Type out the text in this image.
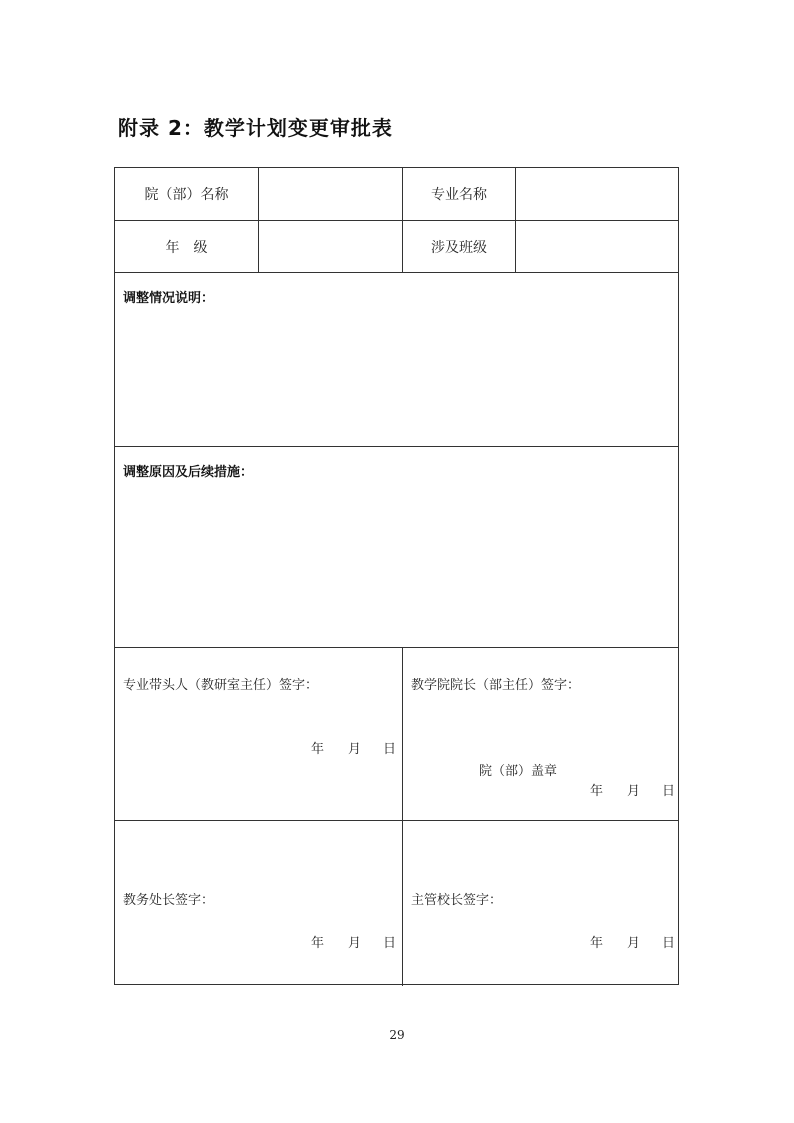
附录 2：教学计划变更审批表
院（部）名称	专业名称
年　级	涉及班级
调整情况说明：
调整原因及后续措施：
专业带头人（教研室主任）签字：
年 月 日
教学院院长（部主任）签字：
院（部）盖章
年 月 日
教务处长签字：
年 月 日
主管校长签字：
年 月 日
29
